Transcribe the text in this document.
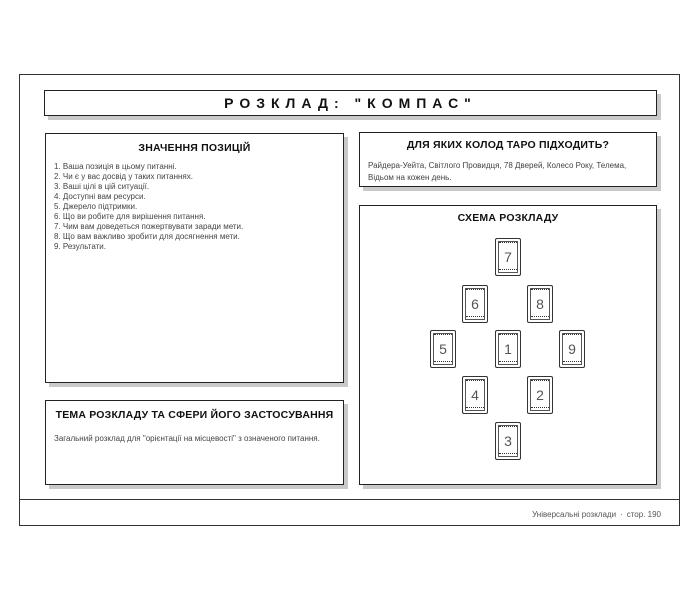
РОЗКЛАД: "КОМПАС"
ЗНАЧЕННЯ ПОЗИЦІЙ
1. Ваша позиція в цьому питанні.
2. Чи є у вас досвід у таких питаннях.
3. Ваші цілі в цій ситуації.
4. Доступні вам ресурси.
5. Джерело підтримки.
6. Що ви робите для вирішення питання.
7. Чим вам доведеться пожертвувати заради мети.
8. Що вам важливо зробити для досягнення мети.
9. Результати.
ДЛЯ ЯКИХ КОЛОД ТАРО ПІДХОДИТЬ?

Райдера-Уейта, Світлого Провидця, 78 Дверей, Колесо Року, Телема, Відьом на кожен день.

СХЕМА РОЗКЛАДУ
7
6	8
5	1	9
4	2
3
ТЕМА РОЗКЛАДУ ТА СФЕРИ ЙОГО ЗАСТОСУВАННЯ

Загальний розклад для "орієнтації на місцевості" з означеного питання.

Універсальні розклади · стор. 190
